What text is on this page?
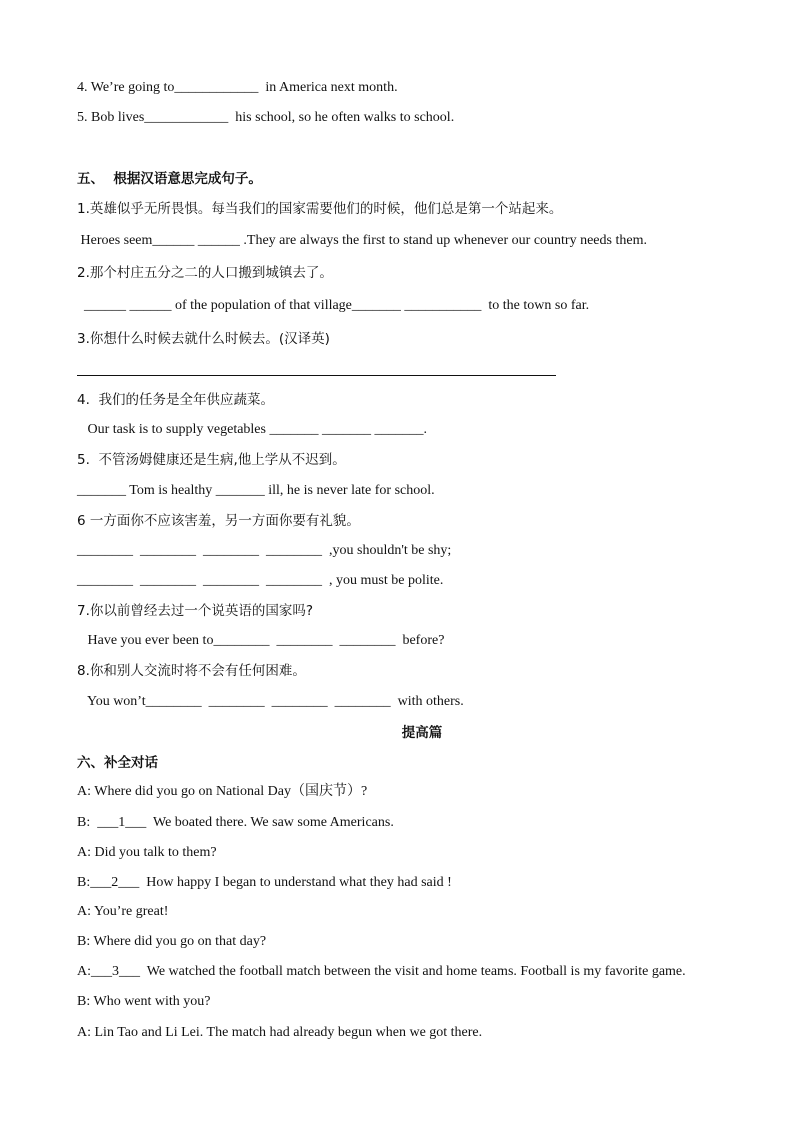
4. We’re going to____________  in America next month.
5. Bob lives____________  his school, so he often walks to school.
五、  根据汉语意思完成句子。
1.英雄似乎无所畏惧。每当我们的国家需要他们的时候，他们总是第一个站起来。
Heroes seem______ ______ .They are always the first to stand up whenever our country needs them.
2.那个村庄五分之二的人口搬到城镇去了。
______ ______ of the population of that village_______ ___________  to the town so far.
3.你想什么时候去就什么时候去。(汉译英)
4.  我们的任务是全年供应蔬菜。
Our task is to supply vegetables _______ _______ _______.
5.  不管汤姆健康还是生病,他上学从不迟到。
_______ Tom is healthy _______ ill, he is never late for school.
6 一方面你不应该害羞，另一方面你要有礼貌。
________  ________  ________  ________  ,you shouldn't be shy;
________  ________  ________  ________  , you must be polite.
7.你以前曾经去过一个说英语的国家吗?
Have you ever been to________  ________  ________  before?
8.你和别人交流时将不会有任何困难。
You won’t________  ________  ________  ________  with others.
提高篇
六、补全对话
A: Where did you go on National Day（国庆节）?
B:  ___1___  We boated there. We saw some Americans.
A: Did you talk to them?
B:___2___  How happy I began to understand what they had said !
A: You’re great!
B: Where did you go on that day?
A:___3___  We watched the football match between the visit and home teams. Football is my favorite game.
B: Who went with you?
A: Lin Tao and Li Lei. The match had already begun when we got there.
